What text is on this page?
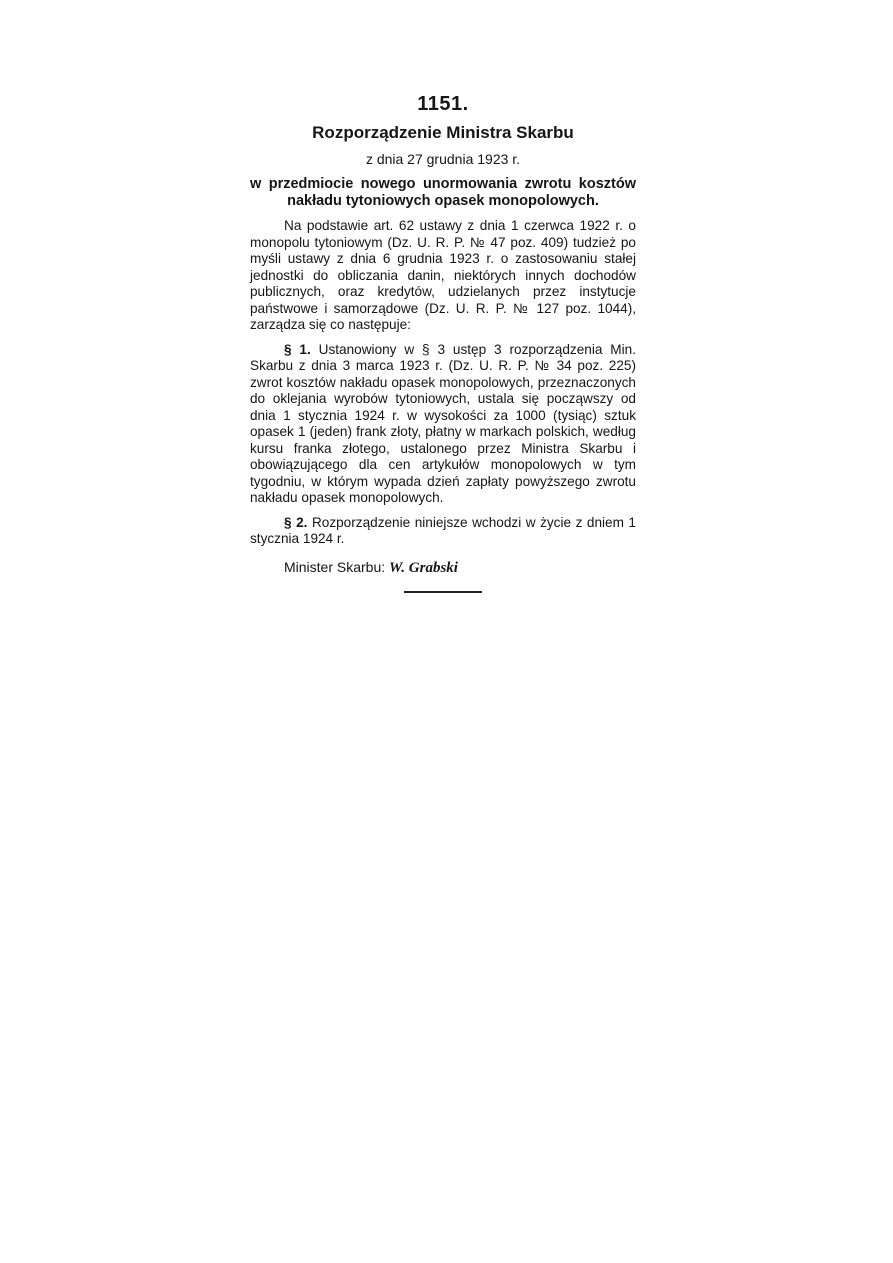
1151.
Rozporządzenie Ministra Skarbu
z dnia 27 grudnia 1923 r.
w przedmiocie nowego unormowania zwrotu kosztów nakładu tytoniowych opasek monopolowych.

Na podstawie art. 62 ustawy z dnia 1 czerwca 1922 r. o monopolu tytoniowym (Dz. U. R. P. № 47 poz. 409) tudzież po myśli ustawy z dnia 6 grudnia 1923 r. o zastosowaniu stałej jednostki do obliczania danin, niektórych innych dochodów publicznych, oraz kredytów, udzielanych przez instytucje państwowe i samorządowe (Dz. U. R. P. № 127 poz. 1044), zarządza się co następuje:

§ 1. Ustanowiony w § 3 ustęp 3 rozporządzenia Min. Skarbu z dnia 3 marca 1923 r. (Dz. U. R. P. № 34 poz. 225) zwrot kosztów nakładu opasek monopolowych, przeznaczonych do oklejania wyrobów tytoniowych, ustala się począwszy od dnia 1 stycznia 1924 r. w wysokości za 1000 (tysiąc) sztuk opasek 1 (jeden) frank złoty, płatny w markach polskich, według kursu franka złotego, ustalonego przez Ministra Skarbu i obowiązującego dla cen artykułów monopolowych w tym tygodniu, w którym wypada dzień zapłaty powyższego zwrotu nakładu opasek monopolowych.

§ 2. Rozporządzenie niniejsze wchodzi w życie z dniem 1 stycznia 1924 r.

Minister Skarbu: W. Grabski
